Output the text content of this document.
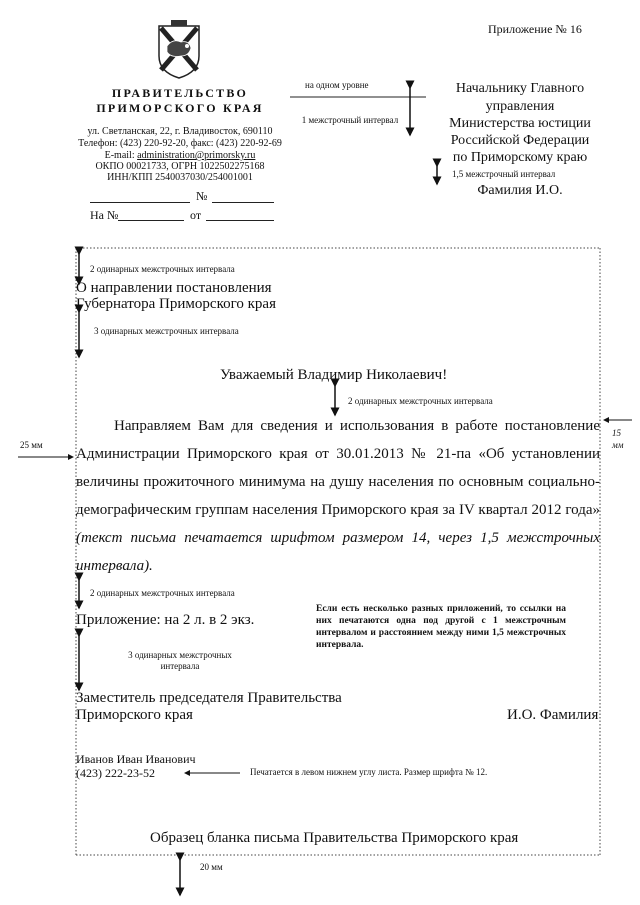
Приложение № 16
ПРАВИТЕЛЬСТВО
ПРИМОРСКОГО КРАЯ
ул. Светланская, 22, г. Владивосток, 690110
Телефон: (423) 220-92-20, факс: (423) 220-92-69
E-mail: administration@primorsky.ru
ОКПО 00021733, ОГРН 1022502275168
ИНН/КПП 2540037030/254001001
№
На №	от
на одном уровне
1 межстрочный интервал
Начальнику Главного
управления
Министерства юстиции
Российской Федерации
по Приморскому краю
1,5 межстрочный интервал
Фамилия И.О.
2 одинарных межстрочных интервала
О направлении постановления
Губернатора Приморского края
3 одинарных межстрочных интервала
Уважаемый Владимир Николаевич!
2 одинарных межстрочных интервала
25 мм
15
мм

Направляем Вам для сведения и использования в работе постановление Администрации Приморского края от 30.01.2013 № 21-па «Об установлении величины прожиточного минимума на душу населения по основным социально-демографическим группам населения Приморского края за IV квартал 2012 года» (текст письма печатается шрифтом размером 14, через 1,5 межстрочных интервала).

2 одинарных межстрочных интервала
Приложение: на 2 л. в 2 экз.
Если есть несколько разных приложений, то ссылки на них печатаются одна под другой с 1 межстрочным интервалом и расстоянием между ними 1,5 межстрочных интервала.
3 одинарных межстрочных
интервала
Заместитель председателя Правительства
Приморского края	И.О. Фамилия
Иванов Иван Иванович
(423) 222-23-52	Печатается в левом нижнем углу листа. Размер шрифта № 12.
Образец бланка письма Правительства Приморского края
20 мм
